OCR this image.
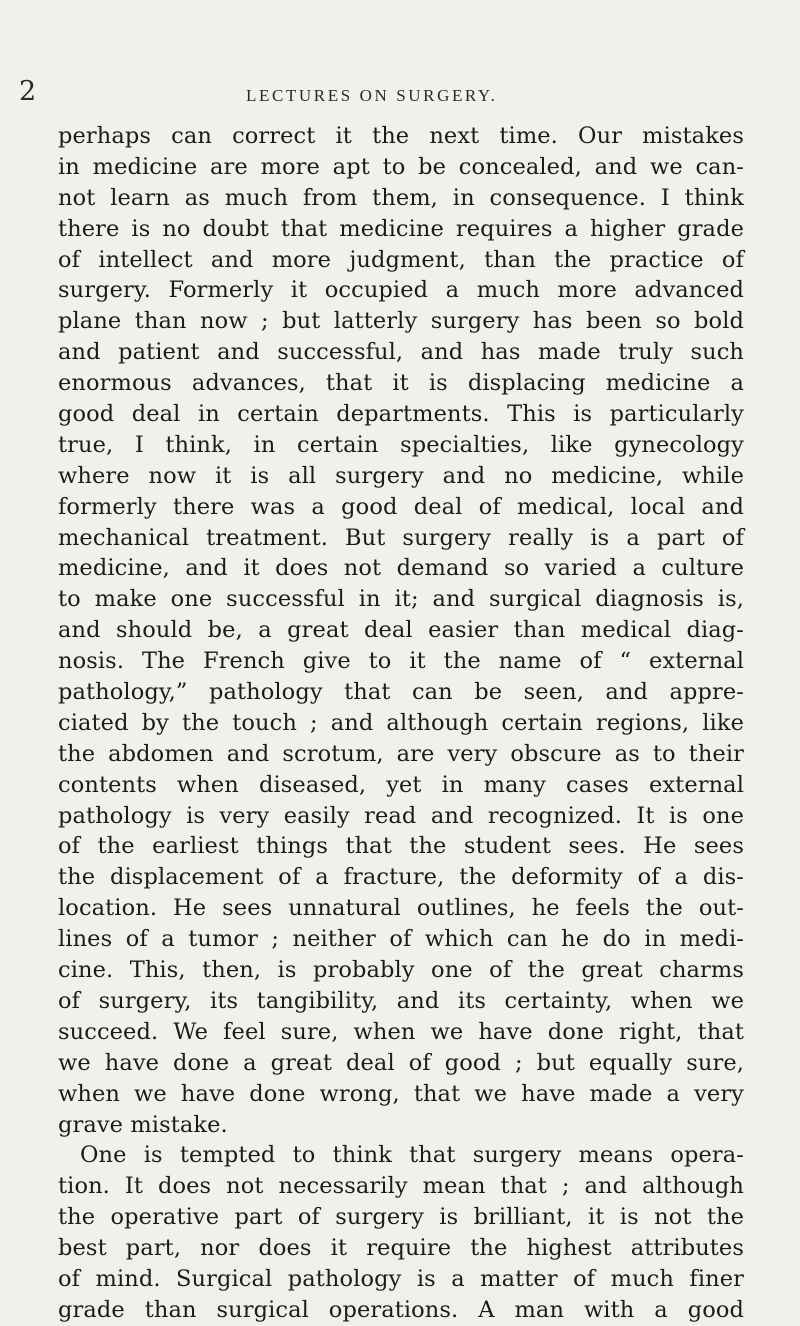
2	LECTURES ON SURGERY.
perhaps can correct it the next time. Our mistakes
in medicine are more apt to be concealed, and we can-
not learn as much from them, in consequence. I think
there is no doubt that medicine requires a higher grade
of intellect and more judgment, than the practice of
surgery. Formerly it occupied a much more advanced
plane than now ; but latterly surgery has been so bold
and patient and successful, and has made truly such
enormous advances, that it is displacing medicine a
good deal in certain departments. This is particularly
true, I think, in certain specialties, like gynecology
where now it is all surgery and no medicine, while
formerly there was a good deal of medical, local and
mechanical treatment. But surgery really is a part of
medicine, and it does not demand so varied a culture
to make one successful in it; and surgical diagnosis is,
and should be, a great deal easier than medical diag-
nosis. The French give to it the name of “ external
pathology,” pathology that can be seen, and appre-
ciated by the touch ; and although certain regions, like
the abdomen and scrotum, are very obscure as to their
contents when diseased, yet in many cases external
pathology is very easily read and recognized. It is one
of the earliest things that the student sees. He sees
the displacement of a fracture, the deformity of a dis-
location. He sees unnatural outlines, he feels the out-
lines of a tumor ; neither of which can he do in medi-
cine. This, then, is probably one of the great charms
of surgery, its tangibility, and its certainty, when we
succeed. We feel sure, when we have done right, that
we have done a great deal of good ; but equally sure,
when we have done wrong, that we have made a very
grave mistake.
One is tempted to think that surgery means opera-
tion. It does not necessarily mean that ; and although
the operative part of surgery is brilliant, it is not the
best part, nor does it require the highest attributes
of mind. Surgical pathology is a matter of much finer
grade than surgical operations. A man with a good
